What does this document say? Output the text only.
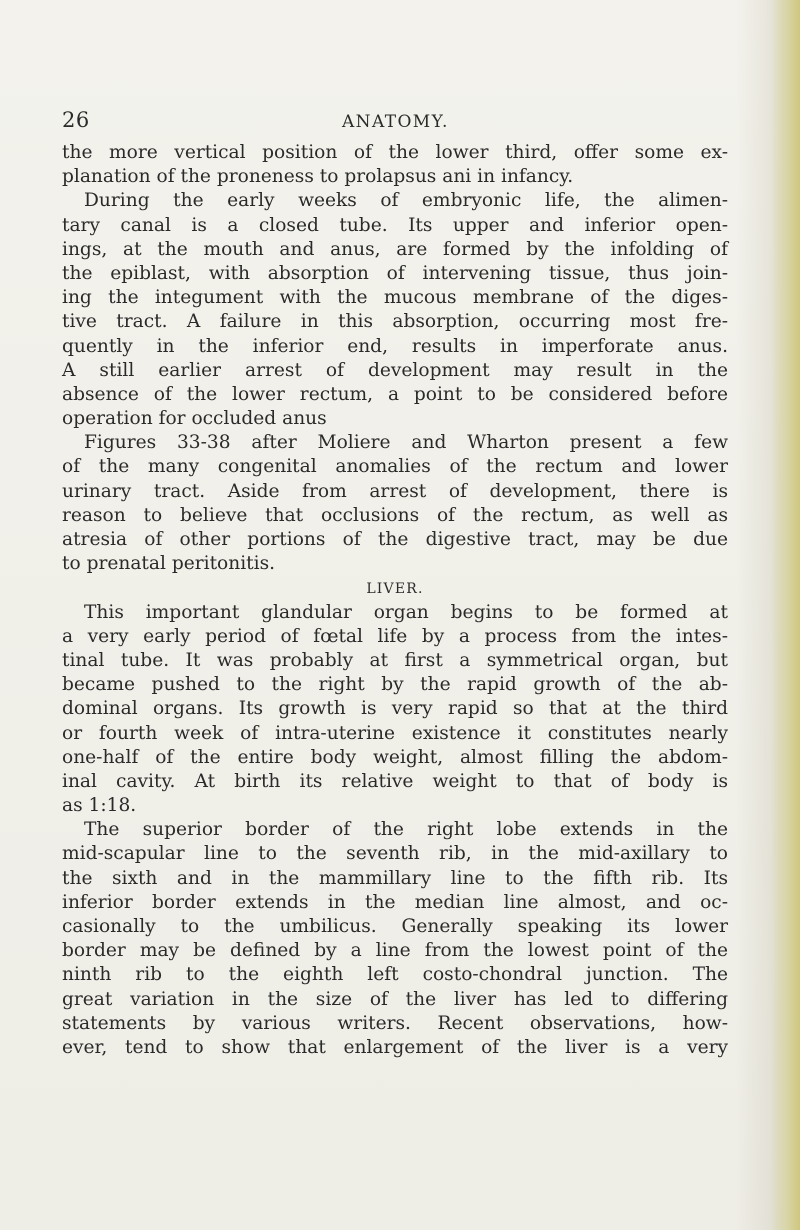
26	ANATOMY.
the more vertical position of the lower third, offer some ex-
planation of the proneness to prolapsus ani in infancy.
During the early weeks of embryonic life, the alimen-
tary canal is a closed tube. Its upper and inferior open-
ings, at the mouth and anus, are formed by the infolding of
the epiblast, with absorption of intervening tissue, thus join-
ing the integument with the mucous membrane of the diges-
tive tract. A failure in this absorption, occurring most fre-
quently in the inferior end, results in imperforate anus.
A still earlier arrest of development may result in the
absence of the lower rectum, a point to be considered before
operation for occluded anus
Figures 33-38 after Moliere and Wharton present a few
of the many congenital anomalies of the rectum and lower
urinary tract. Aside from arrest of development, there is
reason to believe that occlusions of the rectum, as well as
atresia of other portions of the digestive tract, may be due
to prenatal peritonitis.
LIVER.
This important glandular organ begins to be formed at
a very early period of fœtal life by a process from the intes-
tinal tube. It was probably at first a symmetrical organ, but
became pushed to the right by the rapid growth of the ab-
dominal organs. Its growth is very rapid so that at the third
or fourth week of intra-uterine existence it constitutes nearly
one-half of the entire body weight, almost filling the abdom-
inal cavity. At birth its relative weight to that of body is
as 1:18.
The superior border of the right lobe extends in the
mid-scapular line to the seventh rib, in the mid-axillary to
the sixth and in the mammillary line to the fifth rib. Its
inferior border extends in the median line almost, and oc-
casionally to the umbilicus. Generally speaking its lower
border may be defined by a line from the lowest point of the
ninth rib to the eighth left costo-chondral junction. The
great variation in the size of the liver has led to differing
statements by various writers. Recent observations, how-
ever, tend to show that enlargement of the liver is a very
